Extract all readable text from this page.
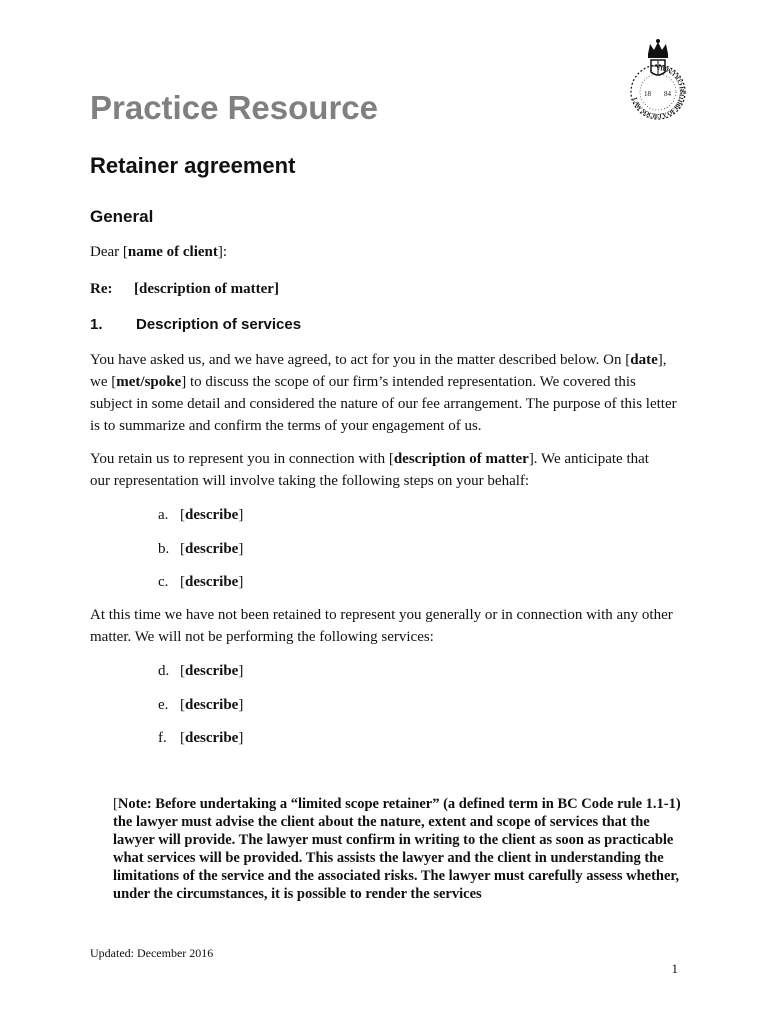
LAW SOCIETY OF BRITISH COLUMBIA
18 84
Practice Resource
Retainer agreement
General

Dear [name of client]:

Re: [description of matter]

1. Description of services

You have asked us, and we have agreed, to act for you in the matter described below. On [date], we [met/spoke] to discuss the scope of our firm’s intended representation. We covered this subject in some detail and considered the nature of our fee arrangement. The purpose of this letter is to summarize and confirm the terms of your engagement of us.

You retain us to represent you in connection with [description of matter]. We anticipate that our representation will involve taking the following steps on your behalf:

a. [describe]
b. [describe]
c. [describe]

At this time we have not been retained to represent you generally or in connection with any other matter. We will not be performing the following services:

d. [describe]
e. [describe]
f. [describe]

[Note: Before undertaking a “limited scope retainer” (a defined term in BC Code rule 1.1-1) the lawyer must advise the client about the nature, extent and scope of services that the lawyer will provide. The lawyer must confirm in writing to the client as soon as practicable what services will be provided. This assists the lawyer and the client in understanding the limitations of the service and the associated risks. The lawyer must carefully assess whether, under the circumstances, it is possible to render the services

Updated: December 2016

1
